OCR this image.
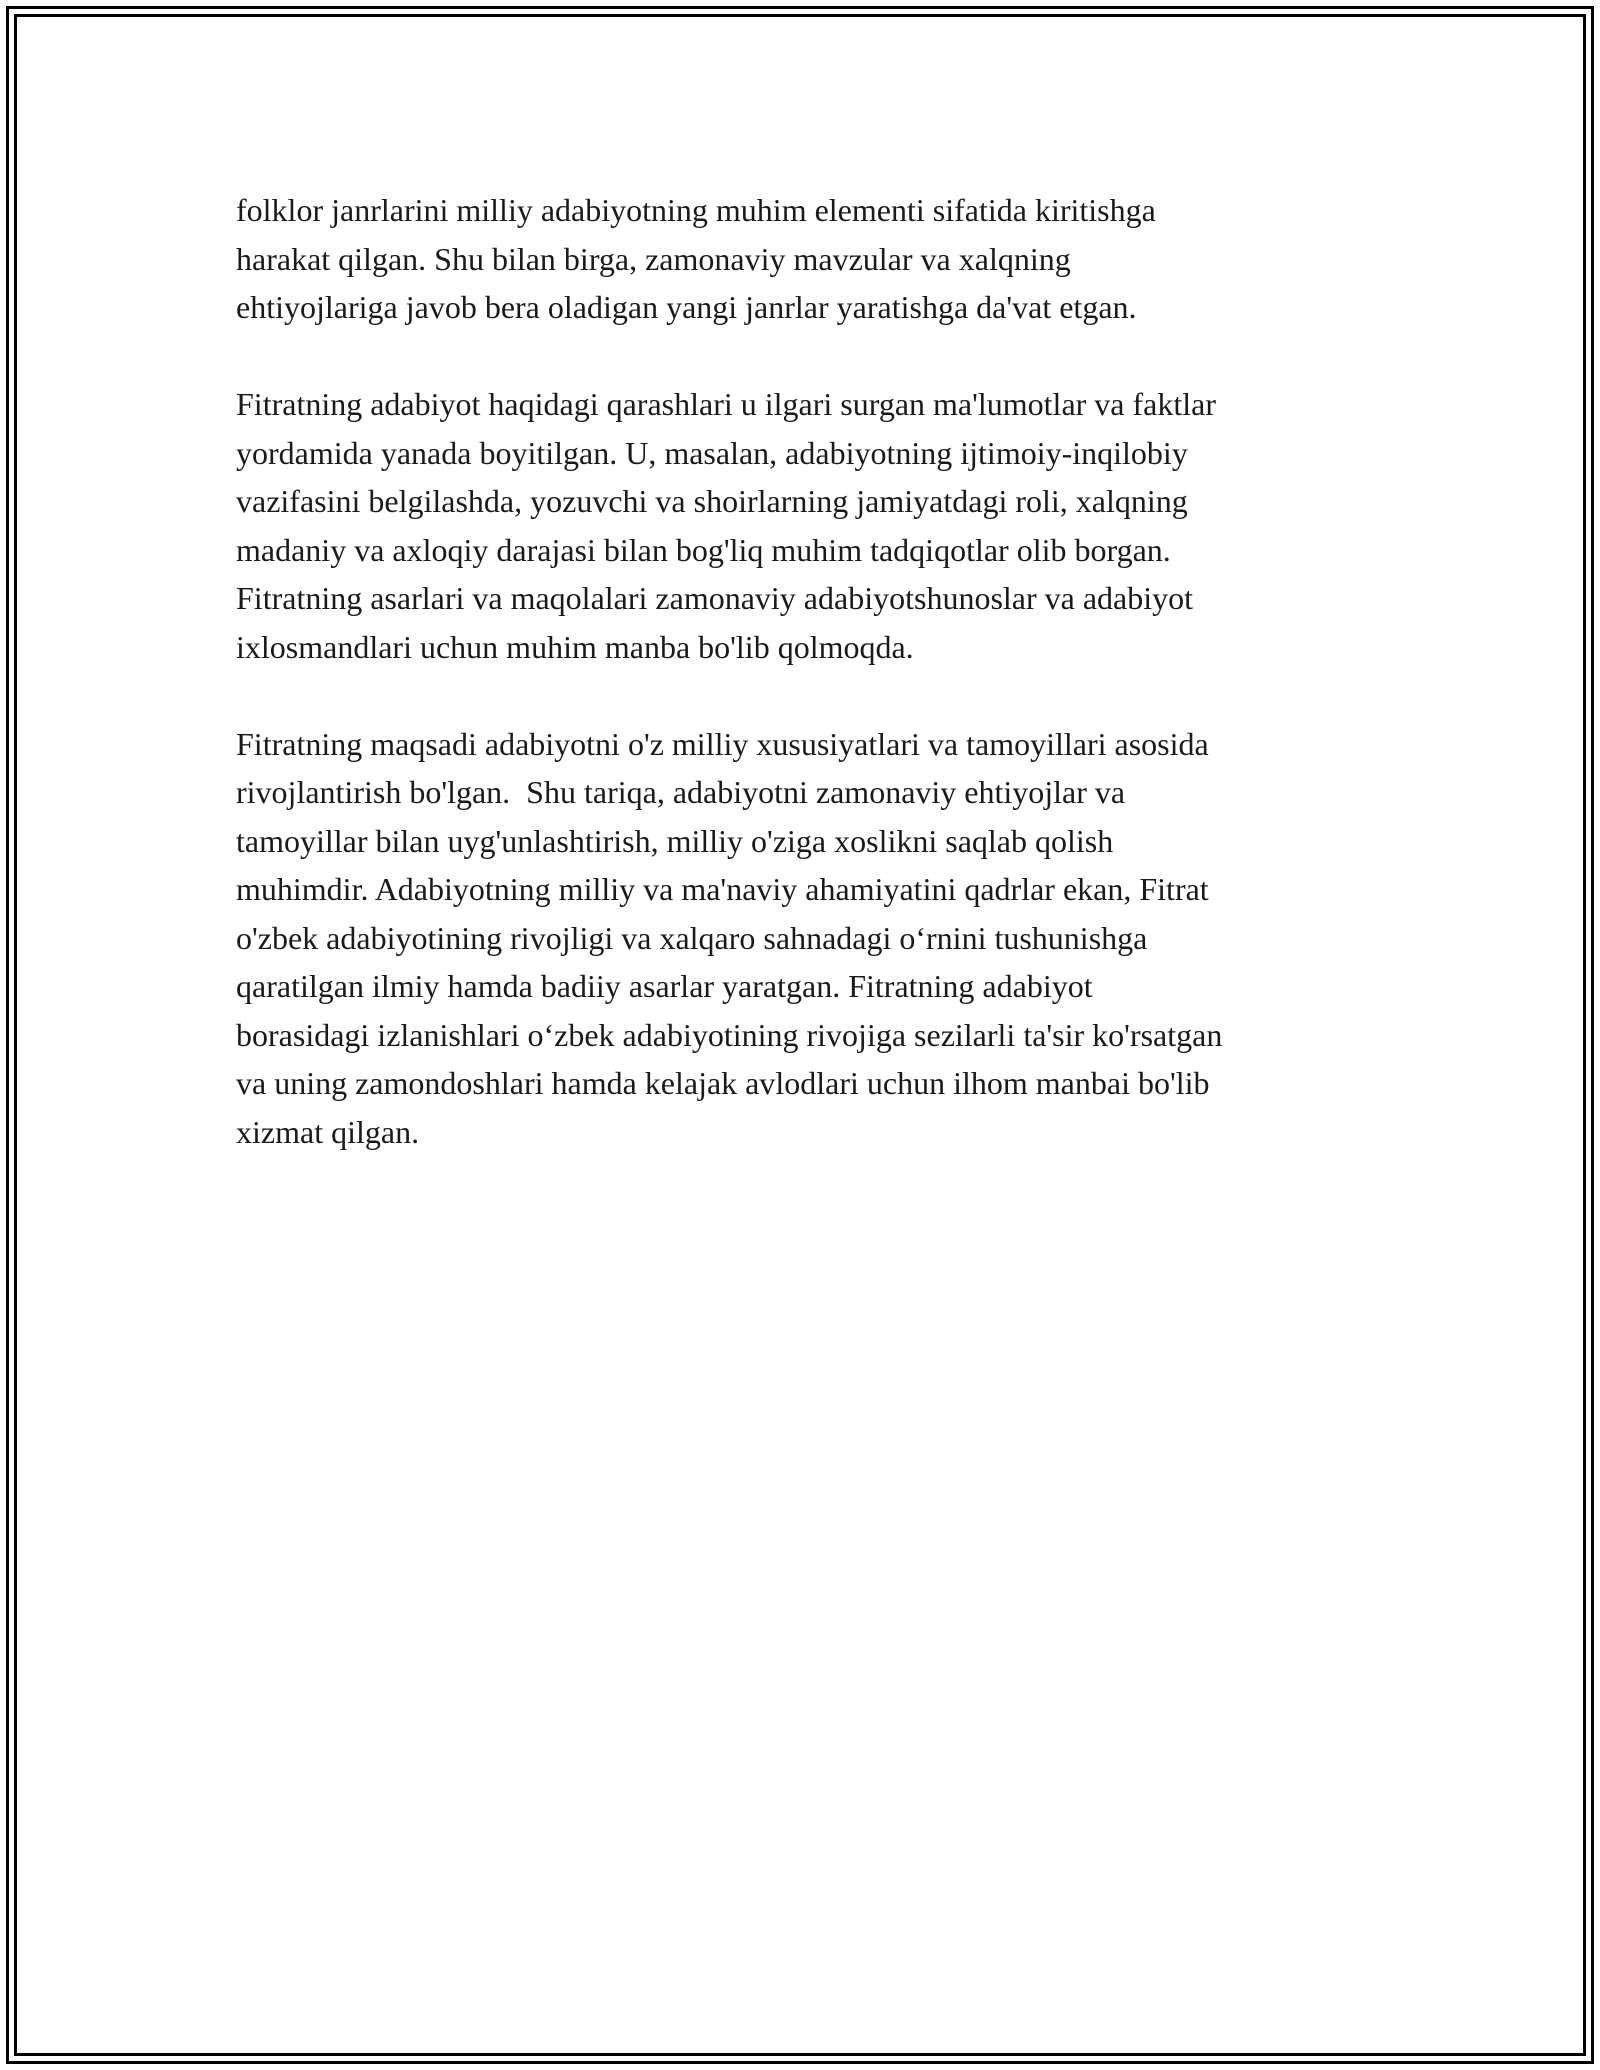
folklor janrlarini milliy adabiyotning muhim elementi sifatida kiritishga
harakat qilgan. Shu bilan birga, zamonaviy mavzular va xalqning
ehtiyojlariga javob bera oladigan yangi janrlar yaratishga da'vat etgan.

Fitratning adabiyot haqidagi qarashlari u ilgari surgan ma'lumotlar va faktlar
yordamida yanada boyitilgan. U, masalan, adabiyotning ijtimoiy-inqilobiy
vazifasini belgilashda, yozuvchi va shoirlarning jamiyatdagi roli, xalqning
madaniy va axloqiy darajasi bilan bog'liq muhim tadqiqotlar olib borgan.
Fitratning asarlari va maqolalari zamonaviy adabiyotshunoslar va adabiyot
ixlosmandlari uchun muhim manba bo'lib qolmoqda.

Fitratning maqsadi adabiyotni o'z milliy xususiyatlari va tamoyillari asosida
rivojlantirish bo'lgan.  Shu tariqa, adabiyotni zamonaviy ehtiyojlar va
tamoyillar bilan uyg'unlashtirish, milliy o'ziga xoslikni saqlab qolish
muhimdir. Adabiyotning milliy va ma'naviy ahamiyatini qadrlar ekan, Fitrat
o'zbek adabiyotining rivojligi va xalqaro sahnadagi o‘rnini tushunishga
qaratilgan ilmiy hamda badiiy asarlar yaratgan. Fitratning adabiyot
borasidagi izlanishlari o‘zbek adabiyotining rivojiga sezilarli ta'sir ko'rsatgan
va uning zamondoshlari hamda kelajak avlodlari uchun ilhom manbai bo'lib
xizmat qilgan.
